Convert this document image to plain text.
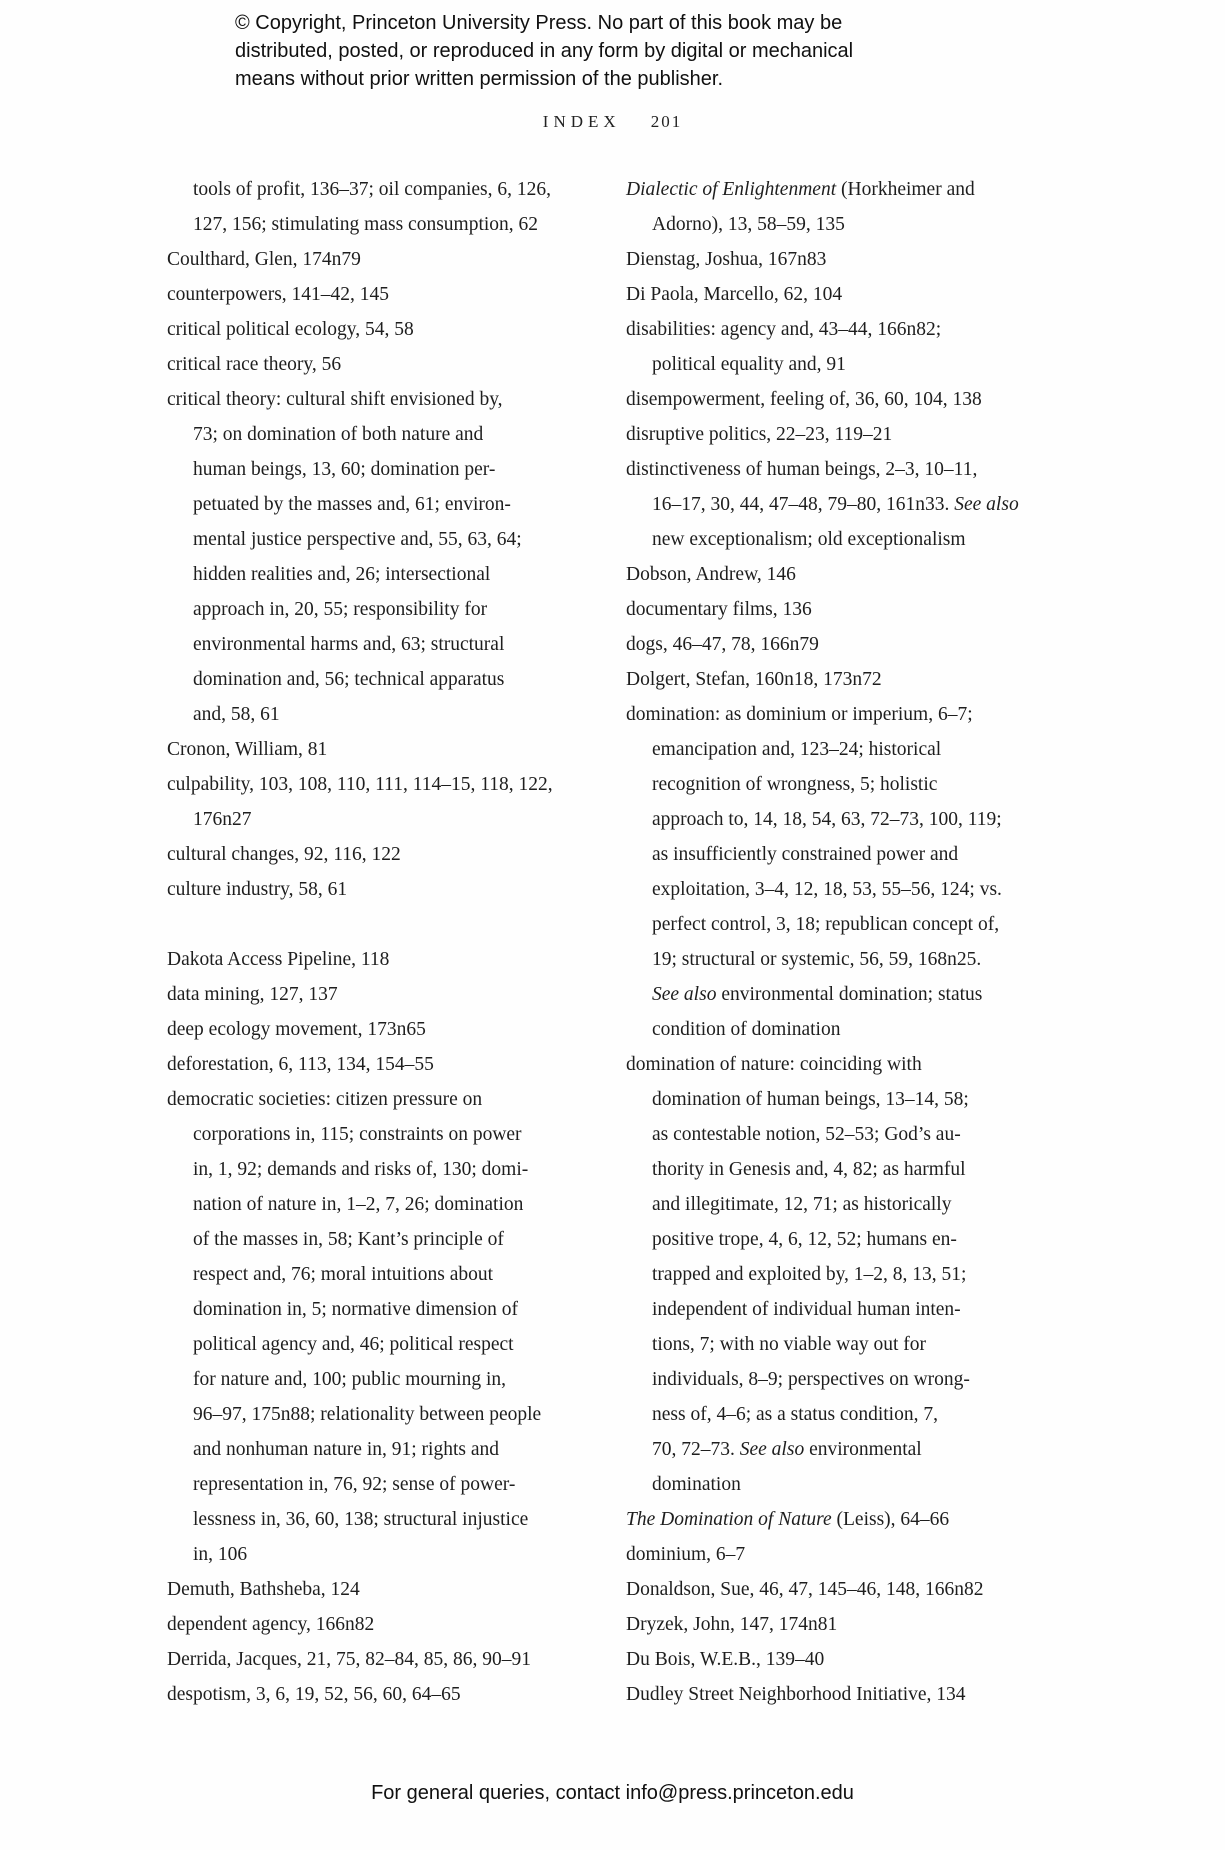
© Copyright, Princeton University Press. No part of this book may be
distributed, posted, or reproduced in any form by digital or mechanical
means without prior written permission of the publisher.
INDEX 201
tools of profit, 136–37; oil companies, 6, 126,
127, 156; stimulating mass consumption, 62
Coulthard, Glen, 174n79
counterpowers, 141–42, 145
critical political ecology, 54, 58
critical race theory, 56
critical theory: cultural shift envisioned by,
73; on domination of both nature and
human beings, 13, 60; domination per-
petuated by the masses and, 61; environ-
mental justice perspective and, 55, 63, 64;
hidden realities and, 26; intersectional
approach in, 20, 55; responsibility for
environmental harms and, 63; structural
domination and, 56; technical apparatus
and, 58, 61
Cronon, William, 81
culpability, 103, 108, 110, 111, 114–15, 118, 122,
176n27
cultural changes, 92, 116, 122
culture industry, 58, 61
Dakota Access Pipeline, 118
data mining, 127, 137
deep ecology movement, 173n65
deforestation, 6, 113, 134, 154–55
democratic societies: citizen pressure on
corporations in, 115; constraints on power
in, 1, 92; demands and risks of, 130; domi-
nation of nature in, 1–2, 7, 26; domination
of the masses in, 58; Kant’s principle of
respect and, 76; moral intuitions about
domination in, 5; normative dimension of
political agency and, 46; political respect
for nature and, 100; public mourning in,
96–97, 175n88; relationality between people
and nonhuman nature in, 91; rights and
representation in, 76, 92; sense of power-
lessness in, 36, 60, 138; structural injustice
in, 106
Demuth, Bathsheba, 124
dependent agency, 166n82
Derrida, Jacques, 21, 75, 82–84, 85, 86, 90–91
despotism, 3, 6, 19, 52, 56, 60, 64–65
Dialectic of Enlightenment (Horkheimer and
Adorno), 13, 58–59, 135
Dienstag, Joshua, 167n83
Di Paola, Marcello, 62, 104
disabilities: agency and, 43–44, 166n82;
political equality and, 91
disempowerment, feeling of, 36, 60, 104, 138
disruptive politics, 22–23, 119–21
distinctiveness of human beings, 2–3, 10–11,
16–17, 30, 44, 47–48, 79–80, 161n33. See also
new exceptionalism; old exceptionalism
Dobson, Andrew, 146
documentary films, 136
dogs, 46–47, 78, 166n79
Dolgert, Stefan, 160n18, 173n72
domination: as dominium or imperium, 6–7;
emancipation and, 123–24; historical
recognition of wrongness, 5; holistic
approach to, 14, 18, 54, 63, 72–73, 100, 119;
as insufficiently constrained power and
exploitation, 3–4, 12, 18, 53, 55–56, 124; vs.
perfect control, 3, 18; republican concept of,
19; structural or systemic, 56, 59, 168n25.
See also environmental domination; status
condition of domination
domination of nature: coinciding with
domination of human beings, 13–14, 58;
as contestable notion, 52–53; God’s au-
thority in Genesis and, 4, 82; as harmful
and illegitimate, 12, 71; as historically
positive trope, 4, 6, 12, 52; humans en-
trapped and exploited by, 1–2, 8, 13, 51;
independent of individual human inten-
tions, 7; with no viable way out for
individuals, 8–9; perspectives on wrong-
ness of, 4–6; as a status condition, 7,
70, 72–73. See also environmental
domination
The Domination of Nature (Leiss), 64–66
dominium, 6–7
Donaldson, Sue, 46, 47, 145–46, 148, 166n82
Dryzek, John, 147, 174n81
Du Bois, W.E.B., 139–40
Dudley Street Neighborhood Initiative, 134
For general queries, contact info@press.princeton.edu
